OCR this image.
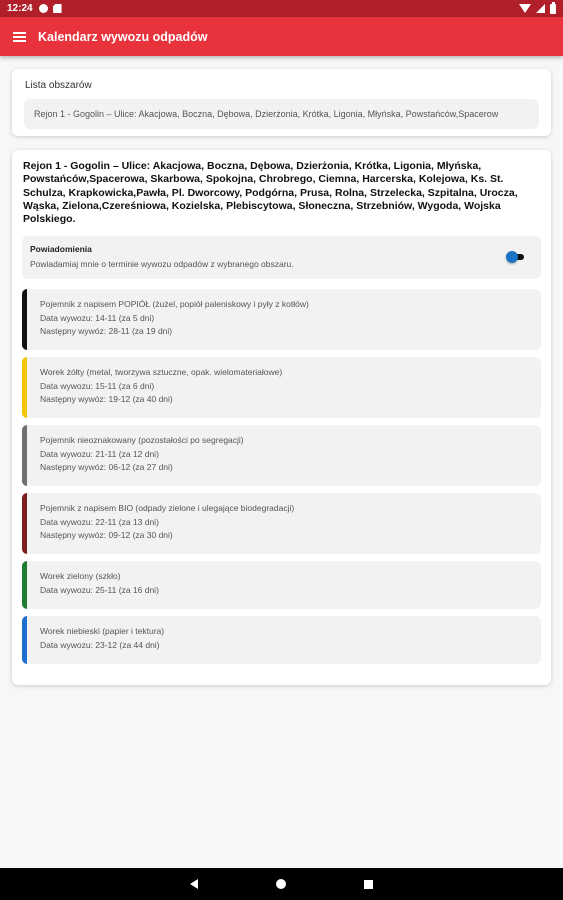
12:24
Kalendarz wywozu odpadów
Lista obszarów
Rejon 1 - Gogolin – Ulice: Akacjowa, Boczna, Dębowa, Dzierżonia, Krótka, Ligonia, Młyńska, Powstańców,Spacerow
Rejon 1 - Gogolin – Ulice: Akacjowa, Boczna, Dębowa, Dzierżonia, Krótka, Ligonia, Młyńska, Powstańców,Spacerowa, Skarbowa, Spokojna, Chrobrego, Ciemna, Harcerska, Kolejowa, Ks. St. Schulza, Krapkowicka,Pawła, Pl. Dworcowy, Podgórna, Prusa, Rolna, Strzelecka, Szpitalna, Urocza, Wąska, Zielona,Czereśniowa, Kozielska, Plebiscytowa, Słoneczna, Strzebniów, Wygoda, Wojska Polskiego.
Powiadomienia
Powiadamiaj mnie o terminie wywozu odpadów z wybranego obszaru.
Pojemnik z napisem POPIÓŁ (żużel, popiół paleniskowy i pyły z kotłów)
Data wywozu: 14-11 (za 5 dni)
Następny wywóz: 28-11 (za 19 dni)
Worek żółty (metal, tworzywa sztuczne, opak. wielomateriałowe)
Data wywozu: 15-11 (za 6 dni)
Następny wywóz: 19-12 (za 40 dni)
Pojemnik nieoznakowany (pozostałości po segregacji)
Data wywozu: 21-11 (za 12 dni)
Następny wywóz: 06-12 (za 27 dni)
Pojemnik z napisem BIO (odpady zielone i ulegające biodegradacji)
Data wywozu: 22-11 (za 13 dni)
Następny wywóz: 09-12 (za 30 dni)
Worek zielony (szkło)
Data wywozu: 25-11 (za 16 dni)
Worek niebieski (papier i tektura)
Data wywozu: 23-12 (za 44 dni)
